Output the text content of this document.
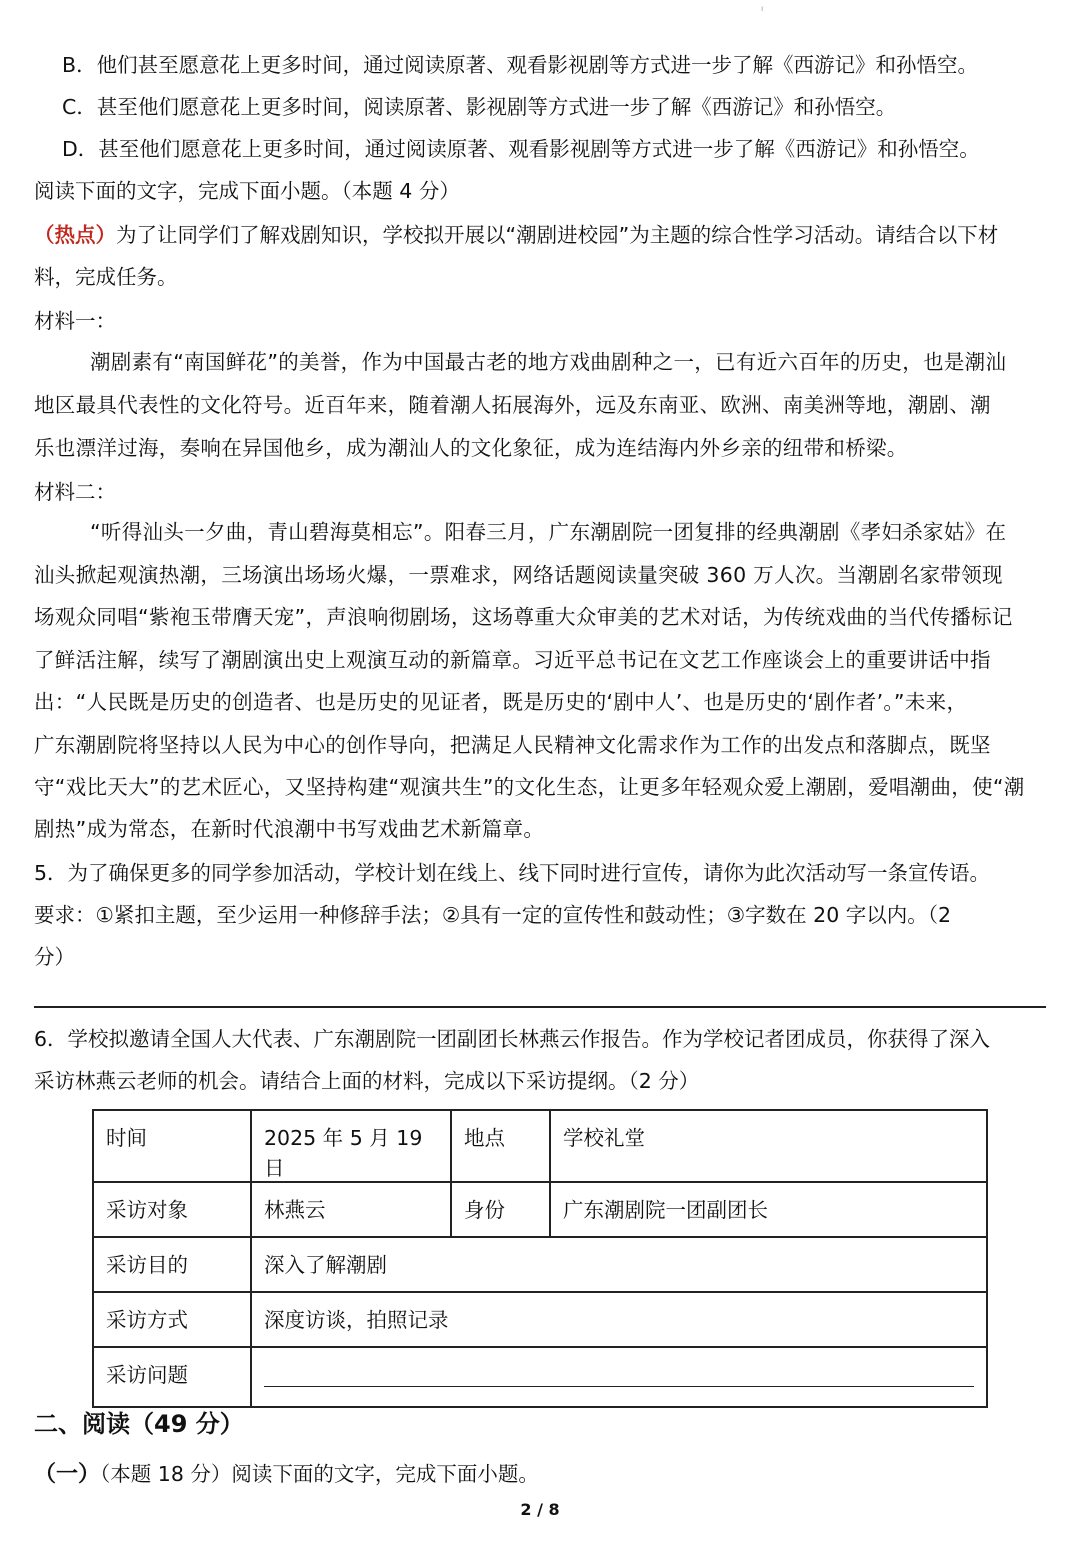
ı
B．他们甚至愿意花上更多时间，通过阅读原著、观看影视剧等方式进一步了解《西游记》和孙悟空。
C．甚至他们愿意花上更多时间，阅读原著、影视剧等方式进一步了解《西游记》和孙悟空。
D．甚至他们愿意花上更多时间，通过阅读原著、观看影视剧等方式进一步了解《西游记》和孙悟空。
阅读下面的文字，完成下面小题。（本题 4 分）
（热点）为了让同学们了解戏剧知识，学校拟开展以“潮剧进校园”为主题的综合性学习活动。请结合以下材
料，完成任务。
材料一：
潮剧素有“南国鲜花”的美誉，作为中国最古老的地方戏曲剧种之一，已有近六百年的历史，也是潮汕
地区最具代表性的文化符号。近百年来，随着潮人拓展海外，远及东南亚、欧洲、南美洲等地，潮剧、潮
乐也漂洋过海，奏响在异国他乡，成为潮汕人的文化象征，成为连结海内外乡亲的纽带和桥梁。
材料二：
“听得汕头一夕曲，青山碧海莫相忘”。阳春三月，广东潮剧院一团复排的经典潮剧《孝妇杀家姑》在
汕头掀起观演热潮，三场演出场场火爆，一票难求，网络话题阅读量突破 360 万人次。当潮剧名家带领现
场观众同唱“紫袍玉带膺天宠”，声浪响彻剧场，这场尊重大众审美的艺术对话，为传统戏曲的当代传播标记
了鲜活注解，续写了潮剧演出史上观演互动的新篇章。习近平总书记在文艺工作座谈会上的重要讲话中指
出：“人民既是历史的创造者、也是历史的见证者，既是历史的‘剧中人’、也是历史的‘剧作者’。”未来，
广东潮剧院将坚持以人民为中心的创作导向，把满足人民精神文化需求作为工作的出发点和落脚点，既坚
守“戏比天大”的艺术匠心，又坚持构建“观演共生”的文化生态，让更多年轻观众爱上潮剧，爱唱潮曲，使“潮
剧热”成为常态，在新时代浪潮中书写戏曲艺术新篇章。
5．为了确保更多的同学参加活动，学校计划在线上、线下同时进行宣传，请你为此次活动写一条宣传语。
要求：①紧扣主题，至少运用一种修辞手法；②具有一定的宣传性和鼓动性；③字数在 20 字以内。（2
分）
6．学校拟邀请全国人大代表、广东潮剧院一团副团长林燕云作报告。作为学校记者团成员，你获得了深入
采访林燕云老师的机会。请结合上面的材料，完成以下采访提纲。（2 分）
时间	2025 年 5 月 19 日	地点	学校礼堂
采访对象	林燕云	身份	广东潮剧院一团副团长
采访目的	深入了解潮剧		
采访方式	深度访谈，拍照记录		
采访问题			
二、阅读（49 分）
（一）（本题 18 分）阅读下面的文字，完成下面小题。
2 / 8
